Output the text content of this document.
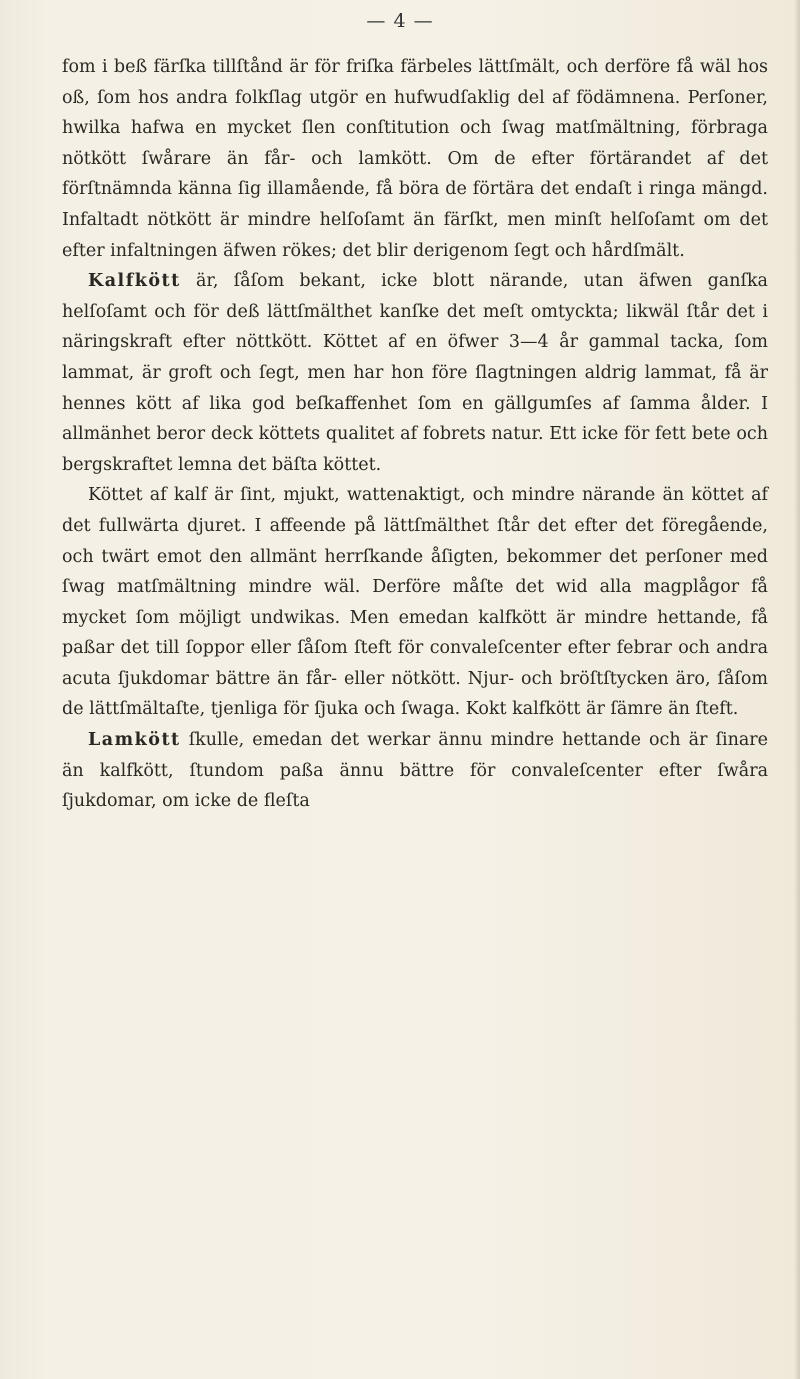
— 4 —

fom i beß färſka tillſtånd är för friſka färbeles lättſmält, och derföre få wäl hos oß, ſom hos andra folkſlag utgör en hufwudſaklig del af födämnena. Perſoner, hwilka hafwa en mycket ſlen conſtitution och ſwag matſmältning, förbraga nötkött ſwårare än får- och lamkött. Om de efter förtärandet af det förſtnämnda känna ſig illamående, få böra de förtära det endaſt i ringa mängd. Infaltadt nötkött är mindre helſoſamt än färſkt, men minſt helſoſamt om det efter infaltningen äfwen rökes; det blir derigenom ſegt och hårdſmält.

Kalfkött är, ſåſom bekant, icke blott närande, utan äfwen ganſka helſoſamt och för deß lättſmälthet kanſke det meſt omtyckta; likwäl ſtår det i näringskraft efter nöttkött. Köttet af en öfwer 3—4 år gammal tacka, ſom lammat, är groft och ſegt, men har hon före ſlagtningen aldrig lammat, få är hennes kött af lika god beſkaffenhet ſom en gällgumſes af ſamma ålder. I allmänhet beror deck köttets qualitet af fobrets natur. Ett icke för fett bete och bergskraftet lemna det bäſta köttet.

Köttet af kalf är ſint, mjukt, wattenaktigt, och mindre närande än köttet af det fullwärta djuret. I affeende på lättſmälthet ſtår det efter det föregående, och twärt emot den allmänt herrſkande åſigten, bekommer det perſoner med ſwag matſmältning mindre wäl. Derföre måſte det wid alla magplågor få mycket ſom möjligt undwikas. Men emedan kalfkött är mindre hettande, få paßar det till ſoppor eller ſåſom ſteft för convaleſcenter efter febrar och andra acuta ſjukdomar bättre än får- eller nötkött. Njur- och bröſtſtycken äro, ſåſom de lättſmältaſte, tjenliga för ſjuka och ſwaga. Kokt kalfkött är ſämre än ſteft.

Lamkött ſkulle, emedan det werkar ännu mindre hettande och är ſinare än kalfkött, ſtundom paßa ännu bättre för convaleſcenter efter ſwåra ſjukdomar, om icke de fleſta
